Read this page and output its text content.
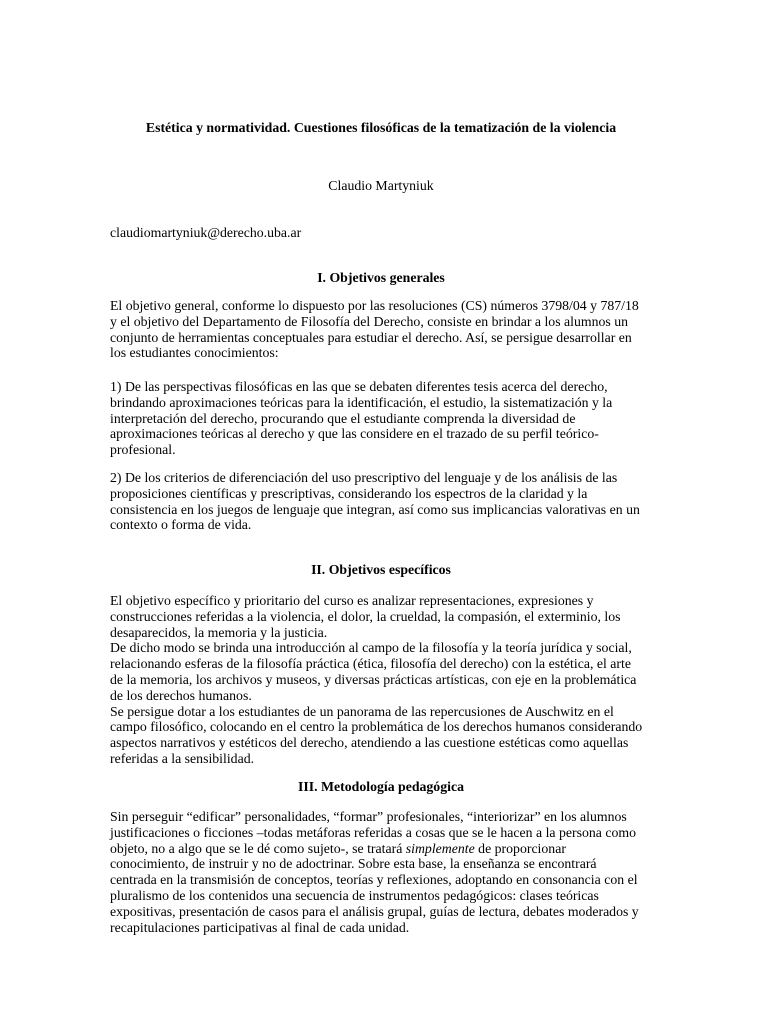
Estética y normatividad. Cuestiones filosóficas de la tematización de la violencia
Claudio Martyniuk
claudiomartyniuk@derecho.uba.ar
I. Objetivos generales
El objetivo general, conforme lo dispuesto por las resoluciones (CS) números 3798/04 y 787/18
y el objetivo del Departamento de Filosofía del Derecho, consiste en brindar a los alumnos un
conjunto de herramientas conceptuales para estudiar el derecho. Así, se persigue desarrollar en
los estudiantes conocimientos:
1) De las perspectivas filosóficas en las que se debaten diferentes tesis acerca del derecho,
brindando aproximaciones teóricas para la identificación, el estudio, la sistematización y la
interpretación del derecho, procurando que el estudiante comprenda la diversidad de
aproximaciones teóricas al derecho y que las considere en el trazado de su perfil teórico-
profesional.
2) De los criterios de diferenciación del uso prescriptivo del lenguaje y de los análisis de las
proposiciones científicas y prescriptivas, considerando los espectros de la claridad y la
consistencia en los juegos de lenguaje que integran, así como sus implicancias valorativas en un
contexto o forma de vida.
II. Objetivos específicos
El objetivo específico y prioritario del curso es analizar representaciones, expresiones y
construcciones referidas a la violencia, el dolor, la crueldad, la compasión, el exterminio, los
desaparecidos, la memoria y la justicia.
De dicho modo se brinda una introducción al campo de la filosofía y la teoría jurídica y social,
relacionando esferas de la filosofía práctica (ética, filosofía del derecho) con la estética, el arte
de la memoria, los archivos y museos, y diversas prácticas artísticas, con eje en la problemática
de los derechos humanos.
Se persigue dotar a los estudiantes de un panorama de las repercusiones de Auschwitz en el
campo filosófico, colocando en el centro la problemática de los derechos humanos considerando
aspectos narrativos y estéticos del derecho, atendiendo a las cuestione estéticas como aquellas
referidas a la sensibilidad.
III. Metodología pedagógica
Sin perseguir “edificar” personalidades, “formar” profesionales, “interiorizar” en los alumnos
justificaciones o ficciones –todas metáforas referidas a cosas que se le hacen a la persona como
objeto, no a algo que se le dé como sujeto-, se tratará simplemente de proporcionar
conocimiento, de instruir y no de adoctrinar. Sobre esta base, la enseñanza se encontrará
centrada en la transmisión de conceptos, teorías y reflexiones, adoptando en consonancia con el
pluralismo de los contenidos una secuencia de instrumentos pedagógicos: clases teóricas
expositivas, presentación de casos para el análisis grupal, guías de lectura, debates moderados y
recapitulaciones participativas al final de cada unidad.
